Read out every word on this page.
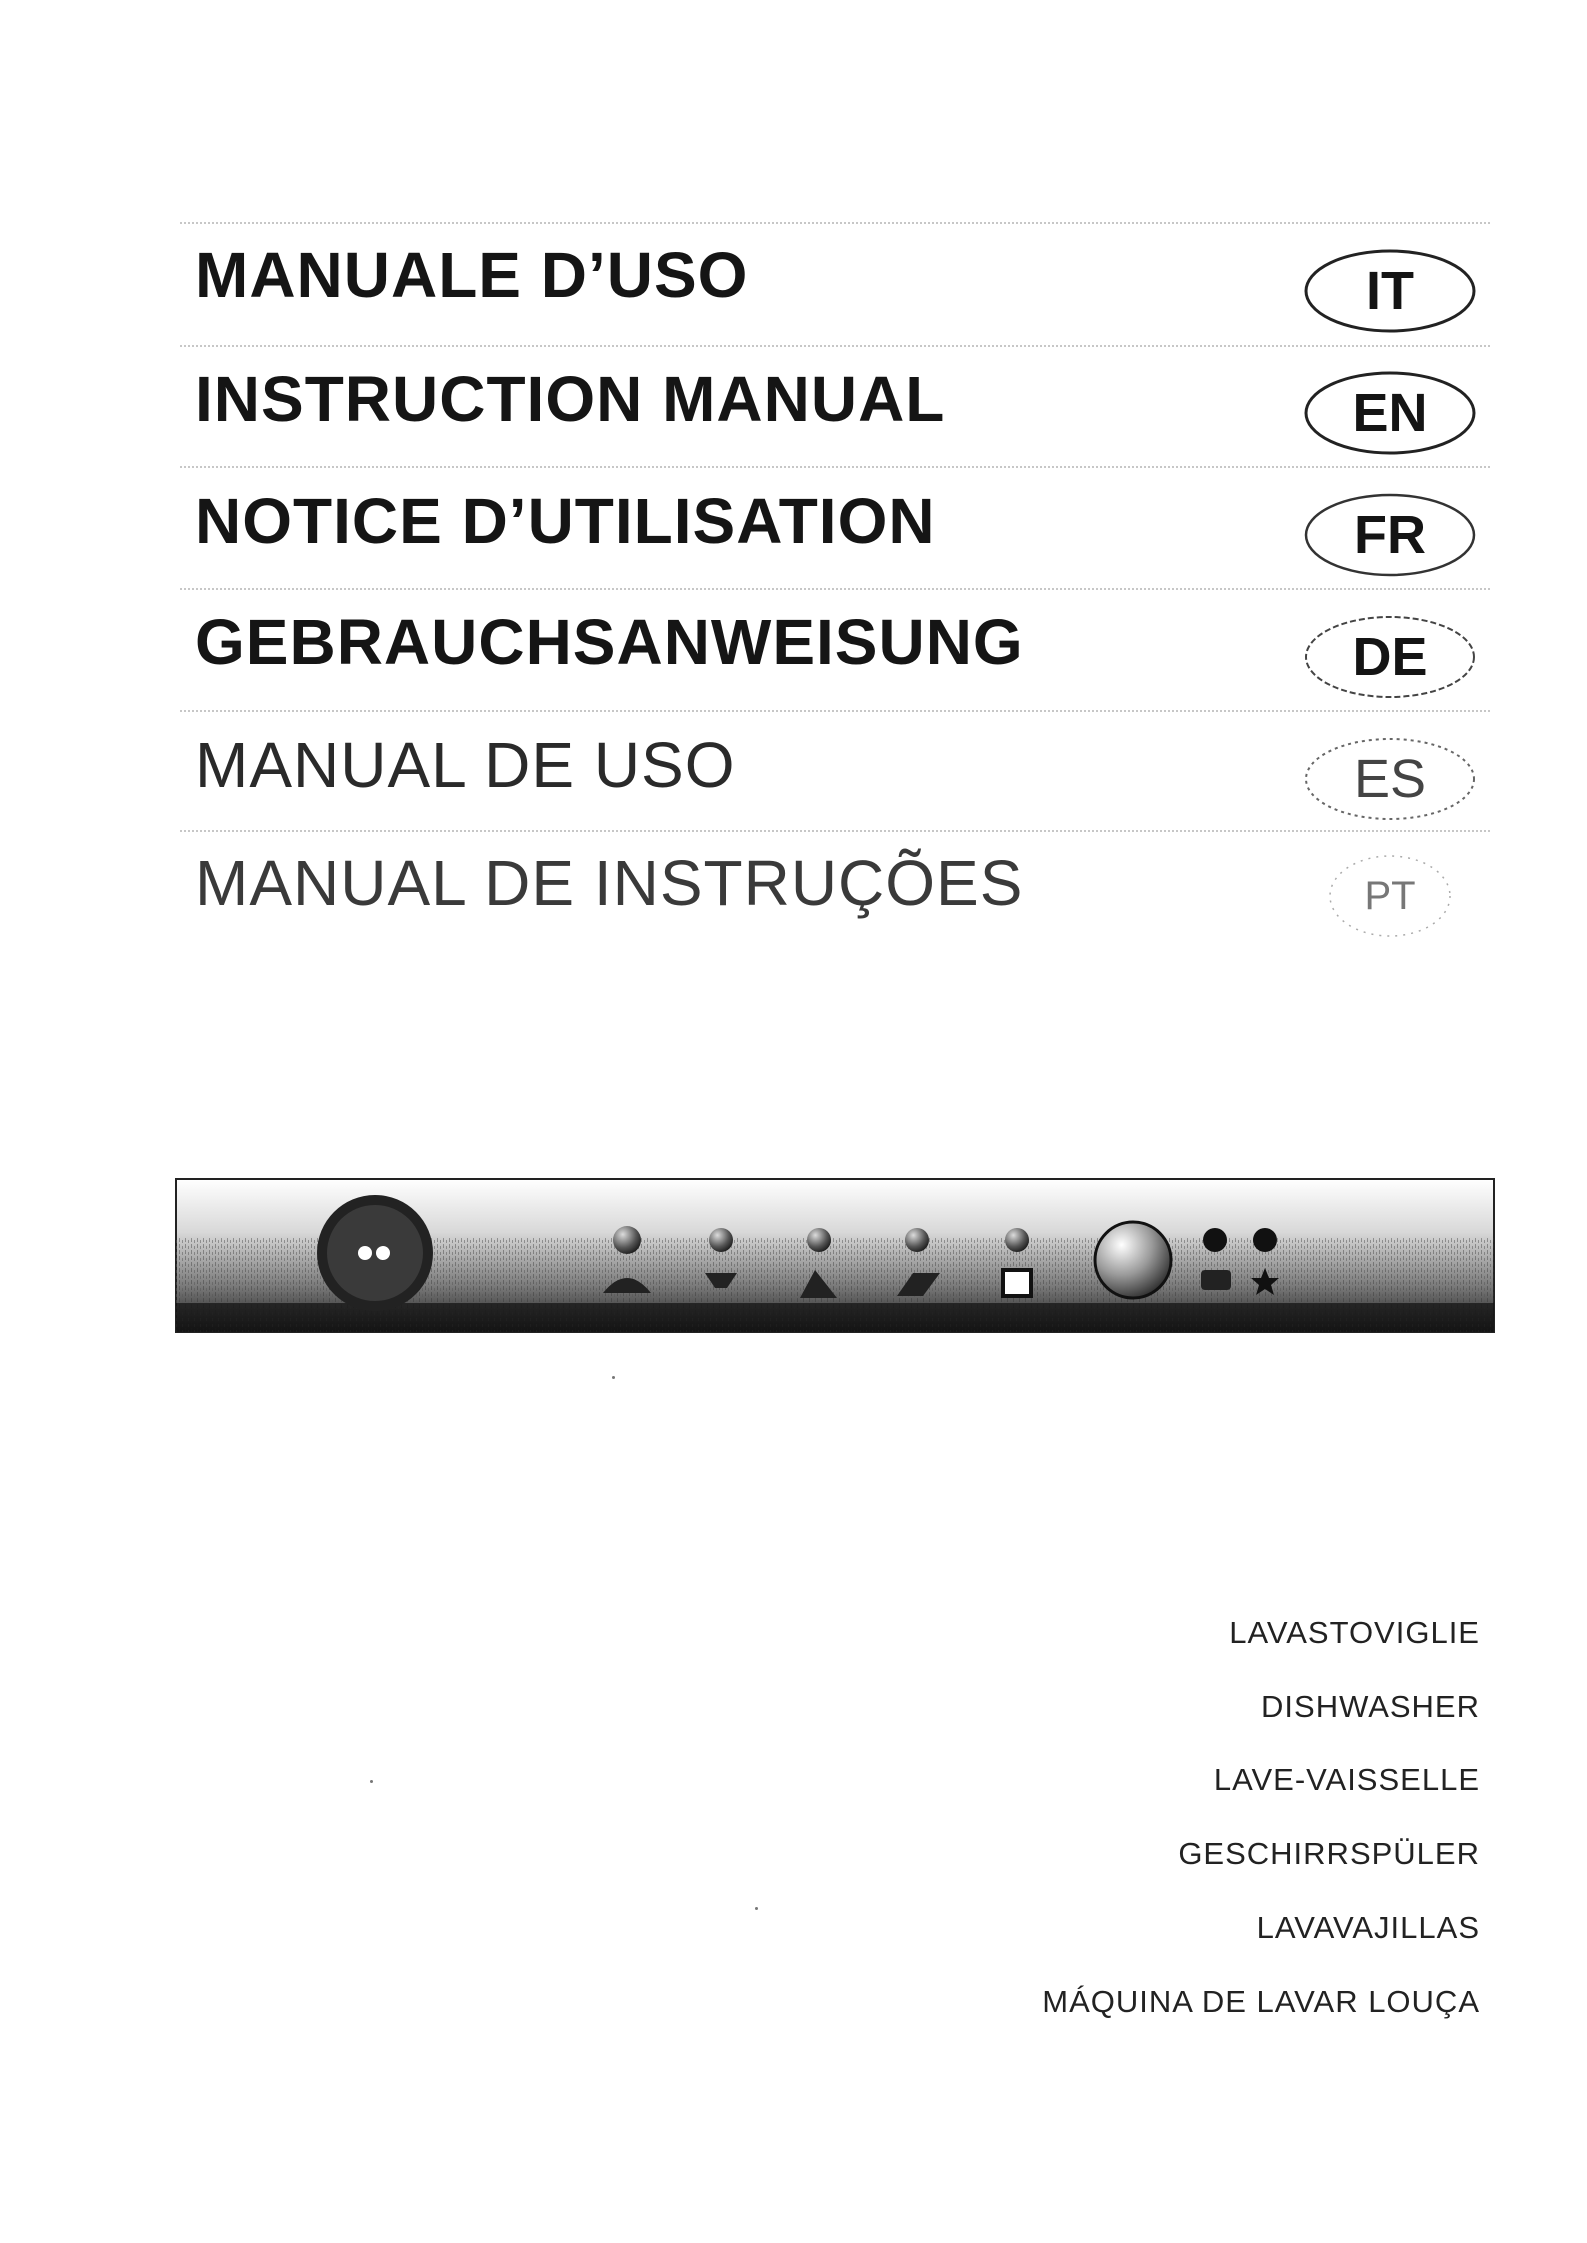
MANUALE D’USO
INSTRUCTION MANUAL
NOTICE D’UTILISATION
GEBRAUCHSANWEISUNG
MANUAL DE USO
MANUAL DE INSTRUÇÕES
IT
EN
FR
DE
ES
PT
LAVASTOVIGLIE
DISHWASHER
LAVE-VAISSELLE
GESCHIRRSPÜLER
LAVAVAJILLAS
MÁQUINA DE LAVAR LOUÇA
